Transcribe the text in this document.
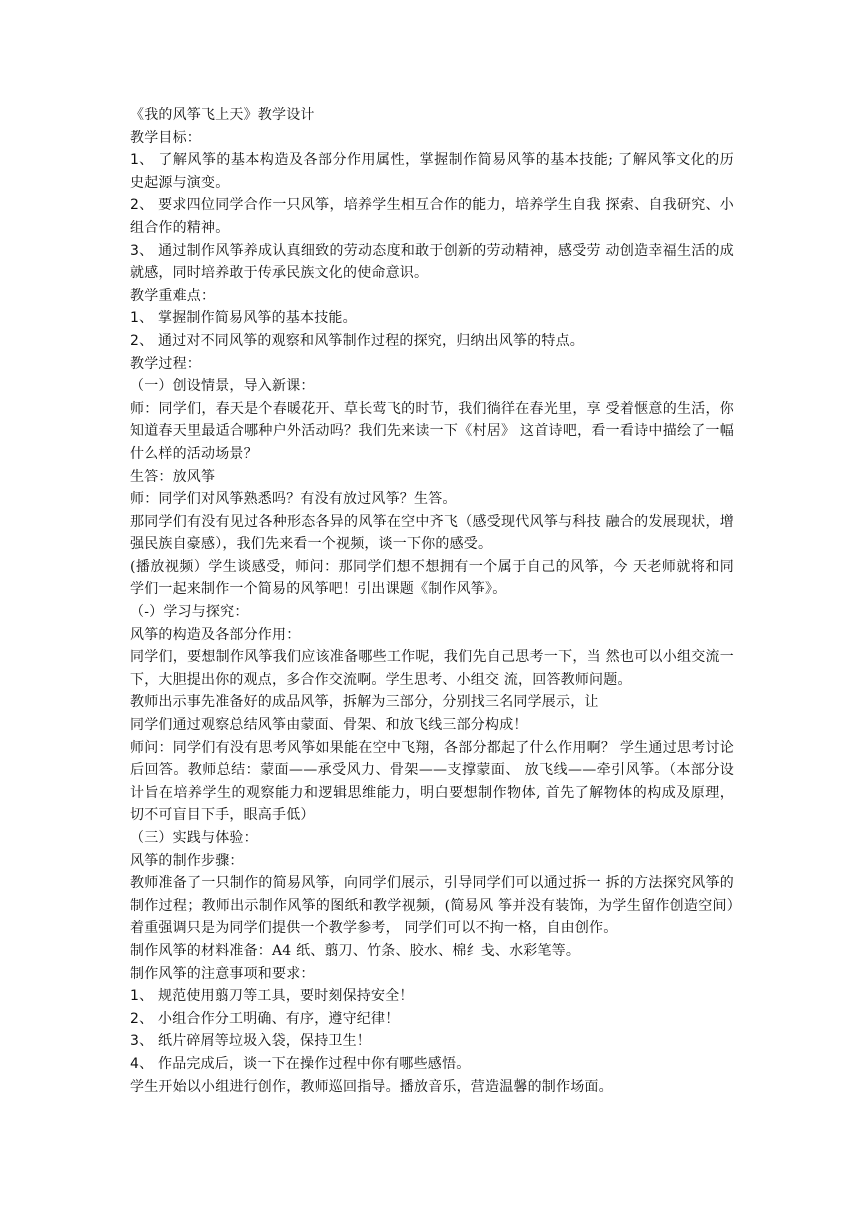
《我的风筝飞上天》教学设计
教学目标：
1、 了解风筝的基本构造及各部分作用属性，掌握制作简易风筝的基本技能; 了解风筝文化的历史起源与演变。
2、 要求四位同学合作一只风筝，培养学生相互合作的能力，培养学生自我 探索、自我研究、小组合作的精神。
3、 通过制作风筝养成认真细致的劳动态度和敢于创新的劳动精神，感受劳 动创造幸福生活的成就感，同时培养敢于传承民族文化的使命意识。
教学重难点：
1、 掌握制作简易风筝的基本技能。
2、 通过对不同风筝的观察和风筝制作过程的探究，归纳出风筝的特点。
教学过程：
（一）创设情景，导入新课：
师：同学们，春天是个春暖花开、草长莺飞的时节，我们徜徉在春光里，享 受着惬意的生活，你知道春天里最适合哪种户外活动吗？我们先来读一下《村居》 这首诗吧，看一看诗中描绘了一幅什么样的活动场景？
生答：放风筝
师：同学们对风筝熟悉吗？有没有放过风筝？生答。
那同学们有没有见过各种形态各异的风筝在空中齐飞（感受现代风筝与科技 融合的发展现状，增强民族自豪感），我们先来看一个视频，谈一下你的感受。
(播放视频）学生谈感受，师问：那同学们想不想拥有一个属于自己的风筝，今 天老师就将和同学们一起来制作一个简易的风筝吧！引出课题《制作风筝》。
（-）学习与探究：
风筝的构造及各部分作用：
同学们，要想制作风筝我们应该准备哪些工作呢，我们先自己思考一下，当 然也可以小组交流一下，大胆提出你的观点，多合作交流啊。学生思考、小组交 流，回答教师问题。
教师出示事先准备好的成品风筝，拆解为三部分，分别找三名同学展示，让
同学们通过观察总结风筝由蒙面、骨架、和放飞线三部分构成！
师问：同学们有没有思考风筝如果能在空中飞翔，各部分都起了什么作用啊？ 学生通过思考讨论后回答。教师总结：蒙面——承受风力、骨架——支撑蒙面、 放飞线——牵引风筝。（本部分设计旨在培养学生的观察能力和逻辑思维能力，明白要想制作物体, 首先了解物体的构成及原理，切不可盲目下手，眼高手低）
（三）实践与体验：
风筝的制作步骤：
教师准备了一只制作的简易风筝，向同学们展示，引导同学们可以通过拆一 拆的方法探究风筝的制作过程；教师出示制作风筝的图纸和教学视频，(简易风 筝并没有装饰，为学生留作创造空间）着重强调只是为同学们提供一个教学参考， 同学们可以不拘一格，自由创作。
制作风筝的材料准备：A4 纸、翦刀、竹条、胶水、棉纟戋、水彩笔等。
制作风筝的注意事项和要求：
1、 规范使用翦刀等工具，要时刻保持安全！
2、 小组合作分工明确、有序，遵守纪律！
3、 纸片碎屑等垃圾入袋，保持卫生！
4、 作品完成后，谈一下在操作过程中你有哪些感悟。
学生开始以小组进行创作，教师巡回指导。播放音乐，营造温馨的制作场面。
